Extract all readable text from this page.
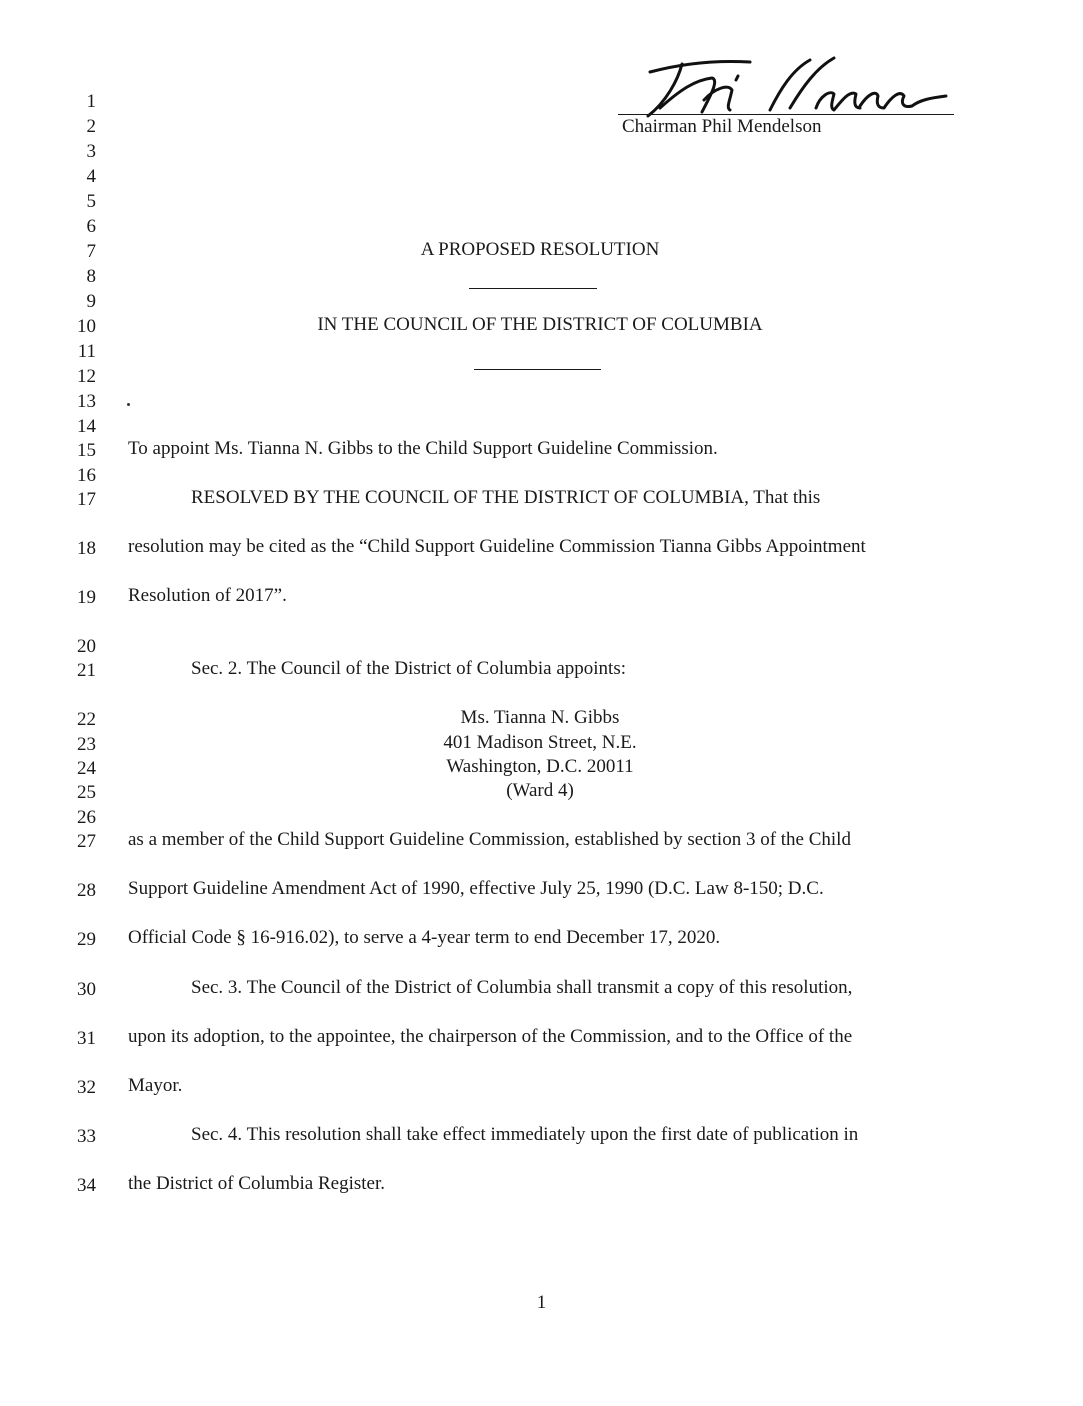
Chairman Phil Mendelson
1
2
3
4
5
6
7
8
9
10
11
12
13
14
15
16
17
18
19
20
21
22
23
24
25
26
27
28
29
30
31
32
33
34
A PROPOSED RESOLUTION
IN THE COUNCIL OF THE DISTRICT OF COLUMBIA
To appoint Ms. Tianna N. Gibbs to the Child Support Guideline Commission.
RESOLVED BY THE COUNCIL OF THE DISTRICT OF COLUMBIA, That this
resolution may be cited as the “Child Support Guideline Commission Tianna Gibbs Appointment
Resolution of 2017”.
Sec. 2. The Council of the District of Columbia appoints:
Ms. Tianna N. Gibbs
401 Madison Street, N.E.
Washington, D.C. 20011
(Ward 4)
as a member of the Child Support Guideline Commission, established by section 3 of the Child
Support Guideline Amendment Act of 1990, effective July 25, 1990 (D.C. Law 8-150; D.C.
Official Code § 16-916.02), to serve a 4-year term to end December 17, 2020.
Sec. 3. The Council of the District of Columbia shall transmit a copy of this resolution,
upon its adoption, to the appointee, the chairperson of the Commission, and to the Office of the
Mayor.
Sec. 4. This resolution shall take effect immediately upon the first date of publication in
the District of Columbia Register.
1
